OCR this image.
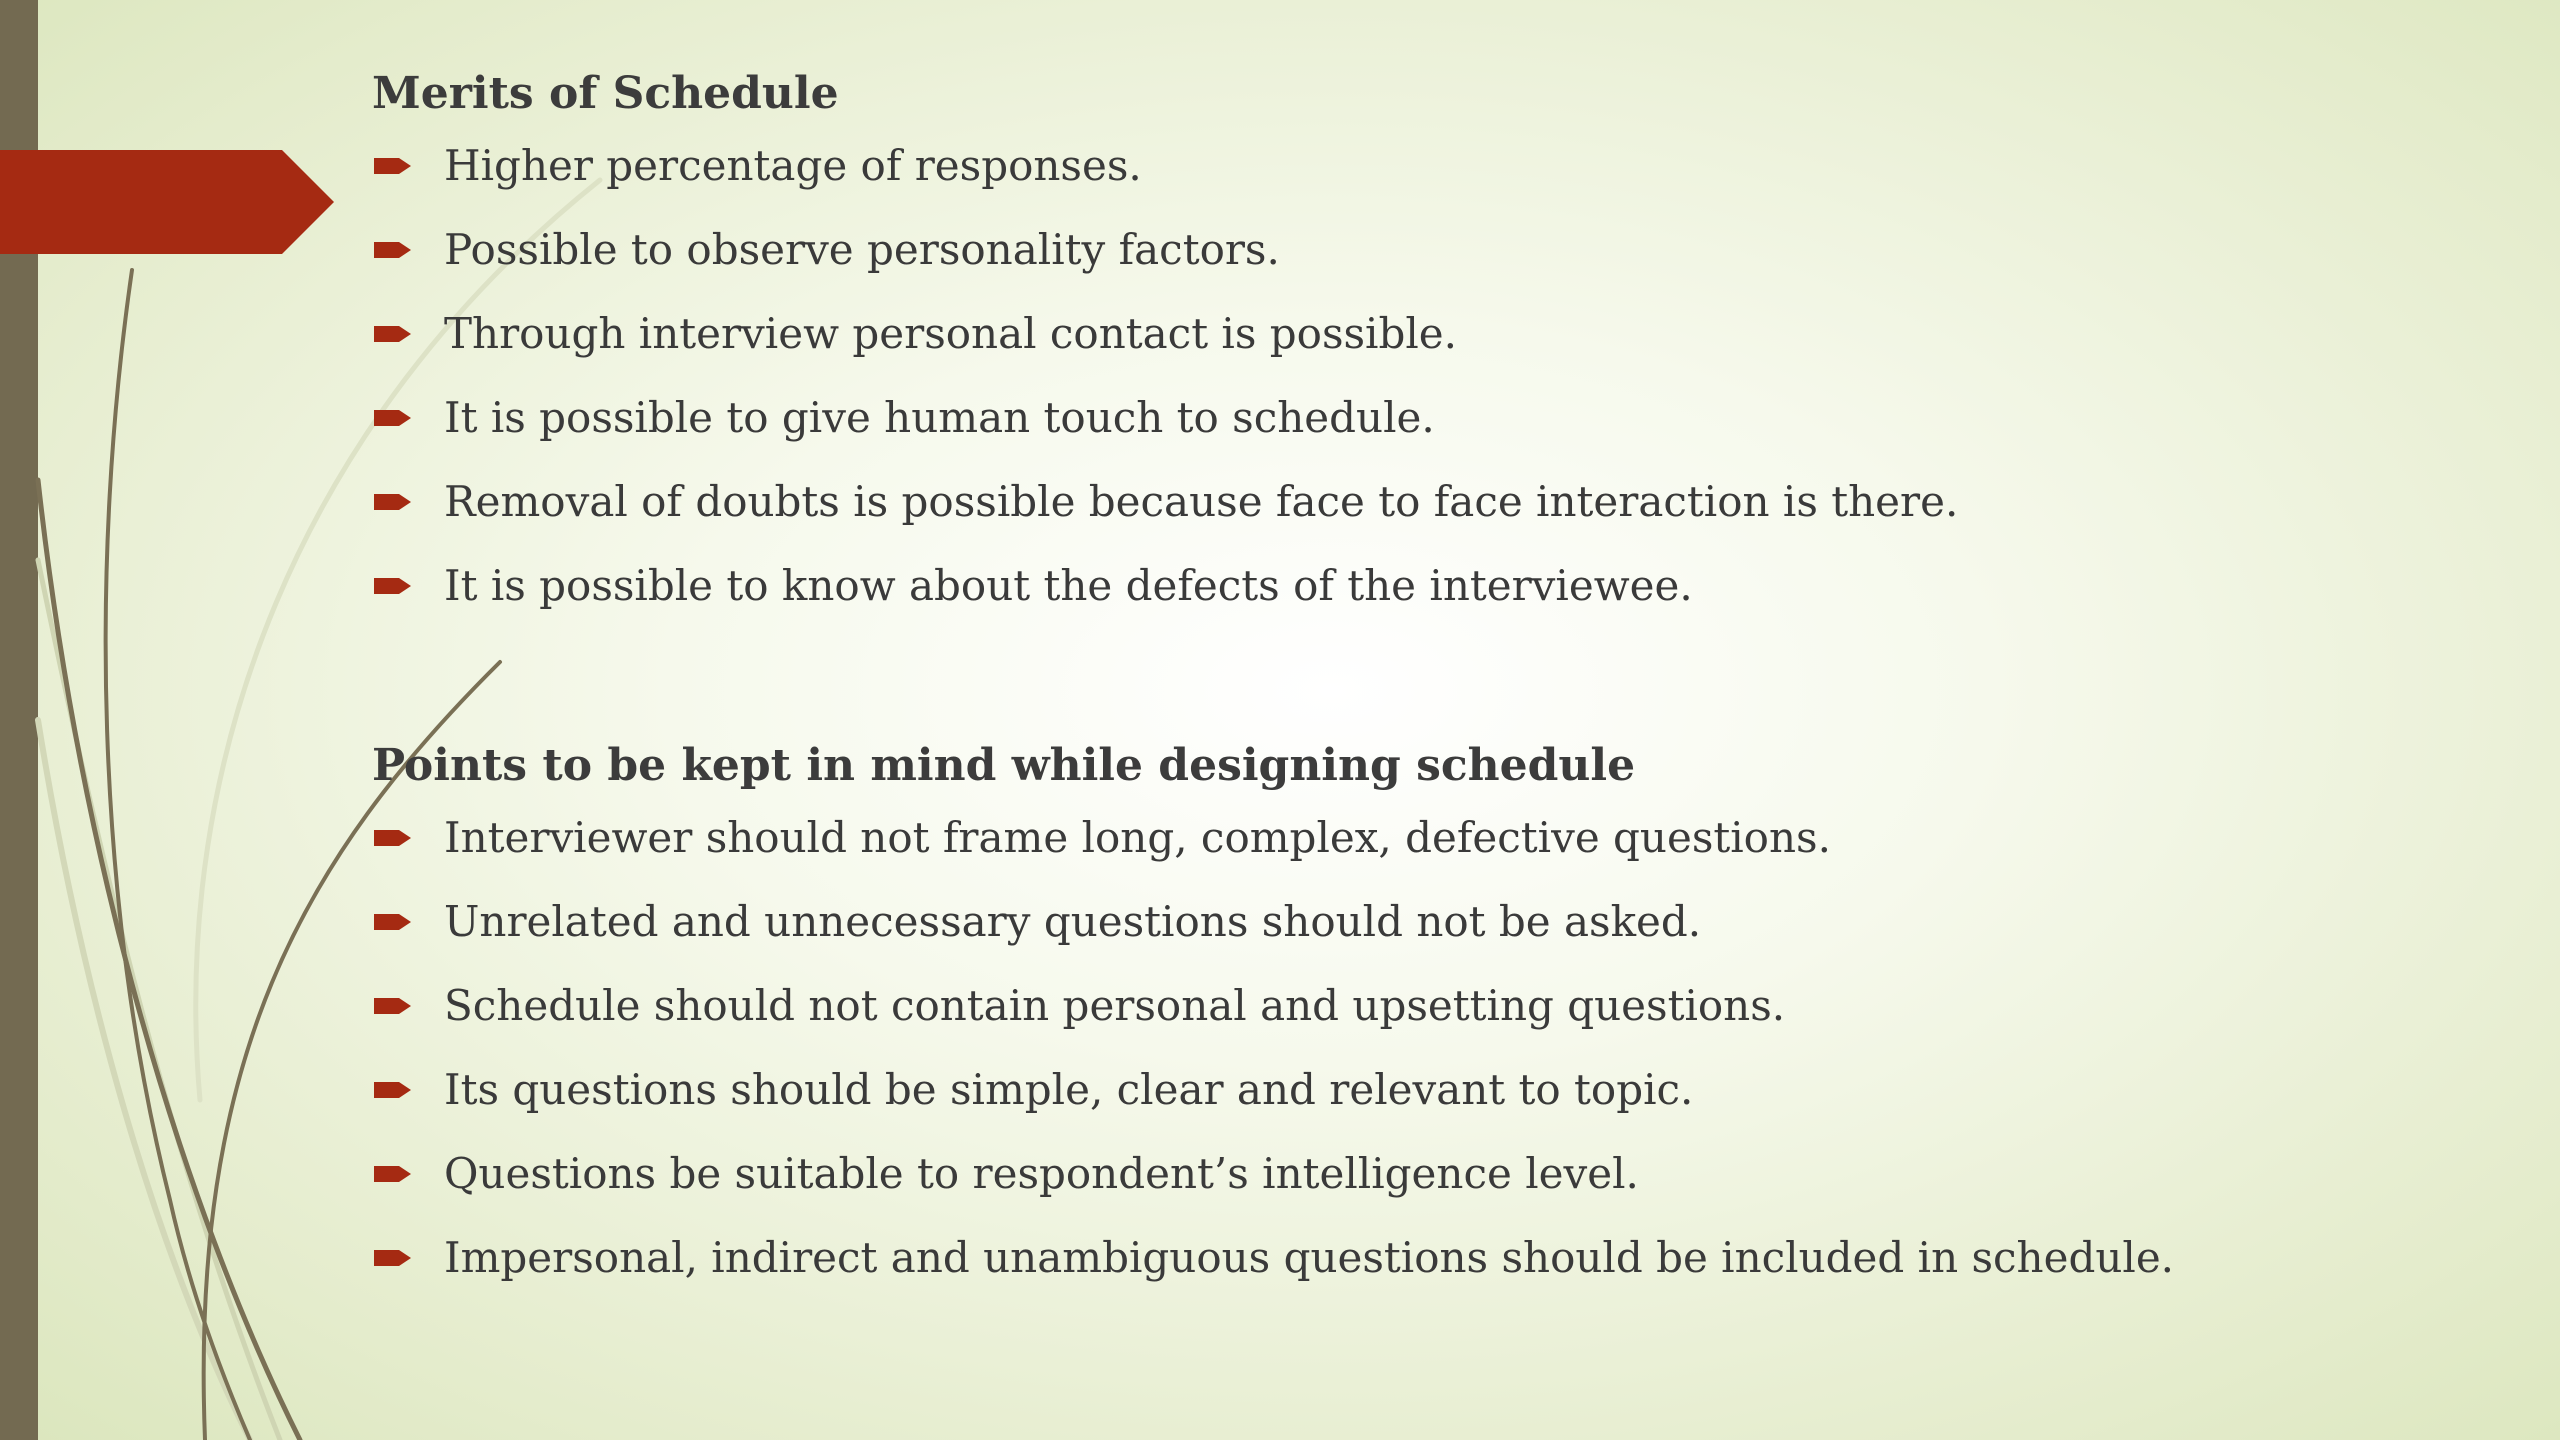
Merits of Schedule
Higher percentage of responses.
Possible to observe personality factors.
Through interview personal contact is possible.
It is possible to give human touch to schedule.
Removal of doubts is possible because face to face interaction is there.
It is possible to know about the defects of the interviewee.
Points to be kept in mind while designing schedule
Interviewer should not frame long, complex, defective questions.
Unrelated and unnecessary questions should not be asked.
Schedule should not contain personal and upsetting questions.
Its questions should be simple, clear and relevant to topic.
Questions be suitable to respondent’s intelligence level.
Impersonal, indirect and unambiguous questions should be included in schedule.
